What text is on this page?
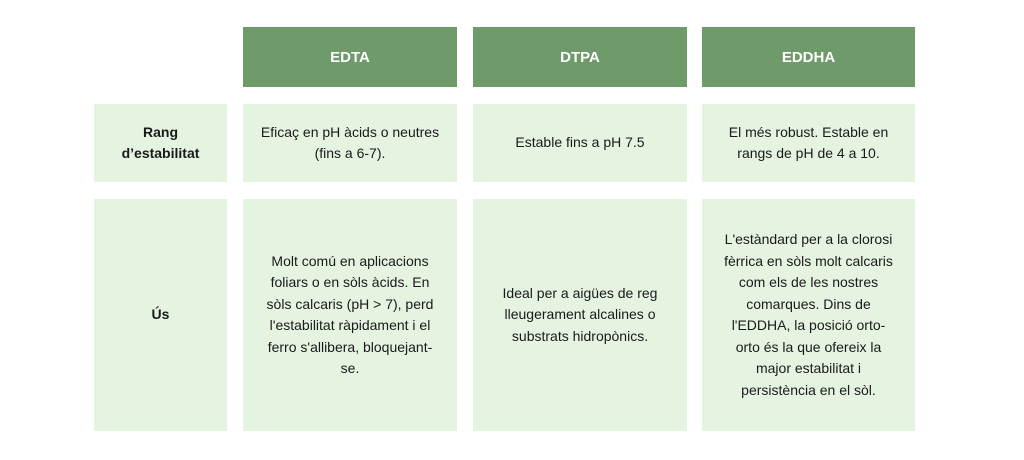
EDTA	DTPA	EDDHA
Rang d’estabilitat
Eficaç en pH àcids o neutres (fins a 6-7).
Estable fins a pH 7.5
El més robust. Estable en rangs de pH de 4 a 10.
Ús
Molt comú en aplicacions foliars o en sòls àcids. En sòls calcaris (pH > 7), perd l'estabilitat ràpidament i el ferro s'allibera, bloquejant-se.
Ideal per a aigües de reg lleugerament alcalines o substrats hidropònics.
L'estàndard per a la clorosi fèrrica en sòls molt calcaris com els de les nostres comarques. Dins de l'EDDHA, la posició orto-orto és la que ofereix la major estabilitat i persistència en el sòl.
